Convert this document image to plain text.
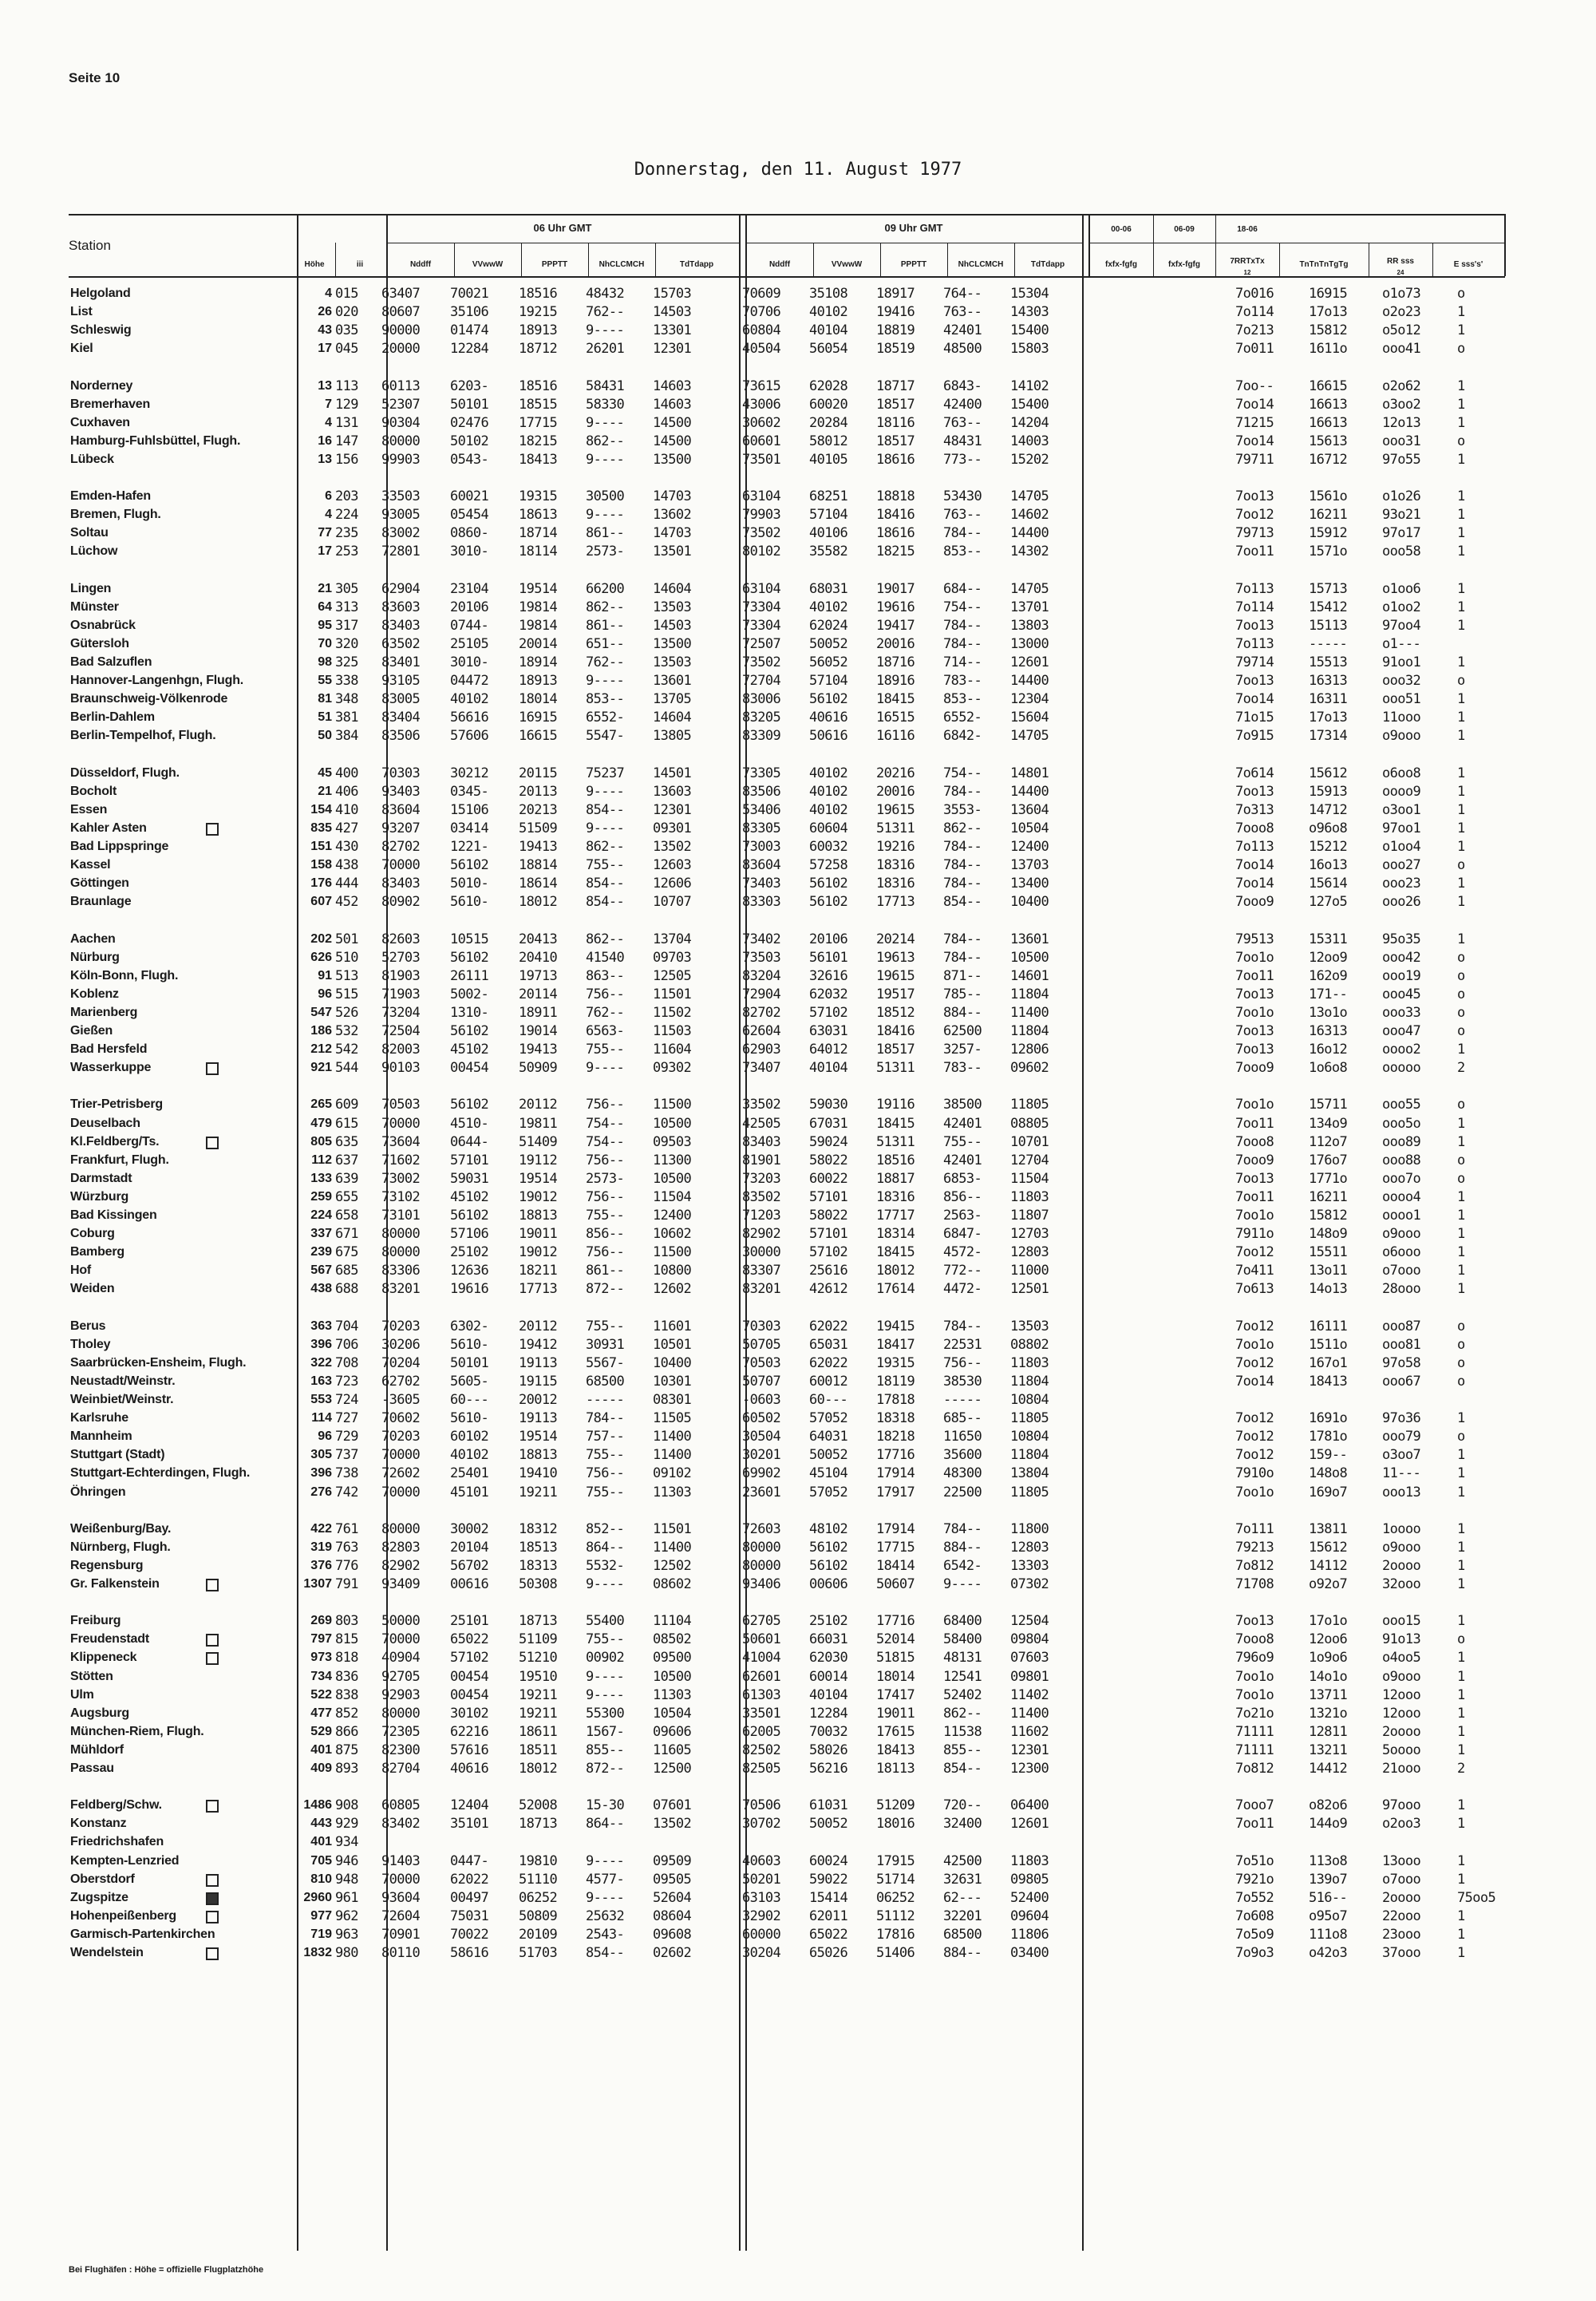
Seite 10
Donnerstag, den 11. August 1977
Station
Höhe	iii
06 Uhr GMT
Nddff	VVwwW	PPPTT	NhCLCMCH	TdTdapp
09 Uhr GMT
Nddff	VVwwW	PPPTT	NhCLCMCH	TdTdapp
00-06	06-09	18-06
fxfx-fgfg	fxfx-fgfg	7RRTxTx
12
TnTnTnTgTg	RR sss
24
E sss's'
Helgoland	4 015 63407 70021 18516 48432 15703	70609 35108 18917 764-- 15304	7o016	16915	o1o73	o
List	26 020 80607 35106 19215 762-- 14503	70706 40102 19416 763-- 14303	7o114	17o13	o2o23	1
Schleswig	43 035 90000 01474 18913 9---- 13301	60804 40104 18819 42401 15400	7o213	15812	o5o12	1
Kiel	17 045 20000 12284 18712 26201 12301	40504 56054 18519 48500 15803	7o011	1611o	ooo41	o
Norderney	13 113 60113 6203- 18516 58431 14603	73615 62028 18717 6843- 14102	7oo--	16615	o2o62	1
Bremerhaven	7 129 52307 50101 18515 58330 14603	43006 60020 18517 42400 15400	7oo14	16613	o3oo2	1
Cuxhaven	4 131 90304 02476 17715 9---- 14500	30602 20284 18116 763-- 14204	71215	16613	12o13	1
Hamburg-Fuhlsbüttel, Flugh.	16 147 80000 50102 18215 862-- 14500	60601 58012 18517 48431 14003	7oo14	15613	ooo31	o
Lübeck	13 156 99903 0543- 18413 9---- 13500	73501 40105 18616 773-- 15202	79711	16712	97o55	1
Emden-Hafen	6 203 33503 60021 19315 30500 14703	63104 68251 18818 53430 14705	7oo13	1561o	o1o26	1
Bremen, Flugh.	4 224 93005 05454 18613 9---- 13602	79903 57104 18416 763-- 14602	7oo12	16211	93o21	1
Soltau	77 235 83002 0860- 18714 861-- 14703	73502 40106 18616 784-- 14400	79713	15912	97o17	1
Lüchow	17 253 72801 3010- 18114 2573- 13501	80102 35582 18215 853-- 14302	7oo11	1571o	ooo58	1
Lingen	21 305 62904 23104 19514 66200 14604	63104 68031 19017 684-- 14705	7o113	15713	o1oo6	1
Münster	64 313 83603 20106 19814 862-- 13503	73304 40102 19616 754-- 13701	7o114	15412	o1oo2	1
Osnabrück	95 317 83403 0744- 19814 861-- 14503	73304 62024 19417 784-- 13803	7oo13	15113	97oo4	1
Gütersloh	70 320 63502 25105 20014 651-- 13500	72507 50052 20016 784-- 13000	7o113	-----	o1---
Bad Salzuflen	98 325 83401 3010- 18914 762-- 13503	73502 56052 18716 714-- 12601	79714	15513	91oo1	1
Hannover-Langenhgn, Flugh.	55 338 93105 04472 18913 9---- 13601	72704 57104 18916 783-- 14400	7oo13	16313	ooo32	o
Braunschweig-Völkenrode	81 348 83005 40102 18014 853-- 13705	83006 56102 18415 853-- 12304	7oo14	16311	ooo51	1
Berlin-Dahlem	51 381 83404 56616 16915 6552- 14604	83205 40616 16515 6552- 15604	71o15	17o13	11ooo	1
Berlin-Tempelhof, Flugh.	50 384 83506 57606 16615 5547- 13805	83309 50616 16116 6842- 14705	7o915	17314	o9ooo	1
Düsseldorf, Flugh.	45 400 70303 30212 20115 75237 14501	73305 40102 20216 754-- 14801	7o614	15612	o6oo8	1
Bocholt	21 406 93403 0345- 20113 9---- 13603	83506 40102 20016 784-- 14400	7oo13	15913	oooo9	1
Essen	154 410 83604 15106 20213 854-- 12301	53406 40102 19615 3553- 13604	7o313	14712	o3oo1	1
Kahler Asten	835 427 93207 03414 51509 9---- 09301	83305 60604 51311 862-- 10504	7ooo8	o96o8	97oo1	1
Bad Lippspringe	151 430 82702 1221- 19413 862-- 13502	73003 60032 19216 784-- 12400	7o113	15212	o1oo4	1
Kassel	158 438 70000 56102 18814 755-- 12603	83604 57258 18316 784-- 13703	7oo14	16o13	ooo27	o
Göttingen	176 444 83403 5010- 18614 854-- 12606	73403 56102 18316 784-- 13400	7oo14	15614	ooo23	1
Braunlage	607 452 80902 5610- 18012 854-- 10707	83303 56102 17713 854-- 10400	7ooo9	127o5	ooo26	1
Aachen	202 501 82603 10515 20413 862-- 13704	73402 20106 20214 784-- 13601	79513	15311	95o35	1
Nürburg	626 510 52703 56102 20410 41540 09703	73503 56101 19613 784-- 10500	7oo1o	12oo9	ooo42	o
Köln-Bonn, Flugh.	91 513 81903 26111 19713 863-- 12505	83204 32616 19615 871-- 14601	7oo11	162o9	ooo19	o
Koblenz	96 515 71903 5002- 20114 756-- 11501	72904 62032 19517 785-- 11804	7oo13	171--	ooo45	o
Marienberg	547 526 73204 1310- 18911 762-- 11502	82702 57102 18512 884-- 11400	7oo1o	13o1o	ooo33	o
Gießen	186 532 72504 56102 19014 6563- 11503	62604 63031 18416 62500 11804	7oo13	16313	ooo47	o
Bad Hersfeld	212 542 82003 45102 19413 755-- 11604	62903 64012 18517 3257- 12806	7oo13	16o12	oooo2	1
Wasserkuppe	921 544 90103 00454 50909 9---- 09302	73407 40104 51311 783-- 09602	7ooo9	1o6o8	ooooo	2
Trier-Petrisberg	265 609 70503 56102 20112 756-- 11500	33502 59030 19116 38500 11805	7oo1o	15711	ooo55	o
Deuselbach	479 615 70000 4510- 19811 754-- 10500	42505 67031 18415 42401 08805	7oo11	134o9	ooo5o	1
Kl.Feldberg/Ts.	805 635 73604 0644- 51409 754-- 09503	83403 59024 51311 755-- 10701	7ooo8	112o7	ooo89	1
Frankfurt, Flugh.	112 637 71602 57101 19112 756-- 11300	81901 58022 18516 42401 12704	7ooo9	176o7	ooo88	o
Darmstadt	133 639 73002 59031 19514 2573- 10500	73203 60022 18817 6853- 11504	7oo13	1771o	ooo7o	o
Würzburg	259 655 73102 45102 19012 756-- 11504	83502 57101 18316 856-- 11803	7oo11	16211	oooo4	1
Bad Kissingen	224 658 73101 56102 18813 755-- 12400	71203 58022 17717 2563- 11807	7oo1o	15812	oooo1	1
Coburg	337 671 80000 57106 19011 856-- 10602	82902 57101 18314 6847- 12703	7911o	148o9	o9ooo	1
Bamberg	239 675 80000 25102 19012 756-- 11500	30000 57102 18415 4572- 12803	7oo12	15511	o6ooo	1
Hof	567 685 83306 12636 18211 861-- 10800	83307 25616 18012 772-- 11000	7o411	13o11	o7ooo	1
Weiden	438 688 83201 19616 17713 872-- 12602	83201 42612 17614 4472- 12501	7o613	14o13	28ooo	1
Berus	363 704 70203 6302- 20112 755-- 11601	70303 62022 19415 784-- 13503	7oo12	16111	ooo87	o
Tholey	396 706 30206 5610- 19412 30931 10501	50705 65031 18417 22531 08802	7oo1o	1511o	ooo81	o
Saarbrücken-Ensheim, Flugh.	322 708 70204 50101 19113 5567- 10400	70503 62022 19315 756-- 11803	7oo12	167o1	97o58	o
Neustadt/Weinstr.	163 723 62702 5605- 19115 68500 10301	50707 60012 18119 38530 11804	7oo14	18413	ooo67	o
Weinbiet/Weinstr.	553 724 -3605 60--- 20012 ----- 08301	-0603 60--- 17818 ----- 10804
Karlsruhe	114 727 70602 5610- 19113 784-- 11505	60502 57052 18318 685-- 11805	7oo12	1691o	97o36	1
Mannheim	96 729 70203 60102 19514 757-- 11400	30504 64031 18218 11650 10804	7oo12	1781o	ooo79	o
Stuttgart (Stadt)	305 737 70000 40102 18813 755-- 11400	30201 50052 17716 35600 11804	7oo12	159--	o3oo7	1
Stuttgart-Echterdingen, Flugh.	396 738 72602 25401 19410 756-- 09102	69902 45104 17914 48300 13804	7910o	148o8	11---	1
Öhringen	276 742 70000 45101 19211 755-- 11303	23601 57052 17917 22500 11805	7oo1o	169o7	ooo13	1
Weißenburg/Bay.	422 761 80000 30002 18312 852-- 11501	72603 48102 17914 784-- 11800	7o111	13811	1oooo	1
Nürnberg, Flugh.	319 763 82803 20104 18513 864-- 11400	80000 56102 17715 884-- 12803	79213	15612	o9ooo	1
Regensburg	376 776 82902 56702 18313 5532- 12502	80000 56102 18414 6542- 13303	7o812	14112	2oooo	1
Gr. Falkenstein	1307 791 93409 00616 50308 9---- 08602	93406 00606 50607 9---- 07302	71708	o92o7	32ooo	1
Freiburg	269 803 50000 25101 18713 55400 11104	62705 25102 17716 68400 12504	7oo13	17o1o	ooo15	1
Freudenstadt	797 815 70000 65022 51109 755-- 08502	50601 66031 52014 58400 09804	7ooo8	12oo6	91o13	o
Klippeneck	973 818 40904 57102 51210 00902 09500	41004 62030 51815 48131 07603	796o9	1o9o6	o4oo5	1
Stötten	734 836 92705 00454 19510 9---- 10500	62601 60014 18014 12541 09801	7oo1o	14o1o	o9ooo	1
Ulm	522 838 92903 00454 19211 9---- 11303	61303 40104 17417 52402 11402	7oo1o	13711	12ooo	1
Augsburg	477 852 80000 30102 19211 55300 10504	33501 12284 19011 862-- 11400	7o21o	1321o	12ooo	1
München-Riem, Flugh.	529 866 72305 62216 18611 1567- 09606	62005 70032 17615 11538 11602	71111	12811	2oooo	1
Mühldorf	401 875 82300 57616 18511 855-- 11605	82502 58026 18413 855-- 12301	71111	13211	5oooo	1
Passau	409 893 82704 40616 18012 872-- 12500	82505 56216 18113 854-- 12300	7o812	14412	21ooo	2
Feldberg/Schw.	1486 908 60805 12404 52008 15-30 07601	70506 61031 51209 720-- 06400	7ooo7	o82o6	97ooo	1
Konstanz	443 929 83402 35101 18713 864-- 13502	30702 50052 18016 32400 12601	7oo11	144o9	o2oo3	1
Friedrichshafen	401 934
Kempten-Lenzried	705 946 91403 0447- 19810 9---- 09509	40603 60024 17915 42500 11803	7o51o	113o8	13ooo	1
Oberstdorf	810 948 70000 62022 51110 4577- 09505	50201 59022 51714 32631 09805	7921o	139o7	o7ooo	1
Zugspitze	2960 961 93604 00497 06252 9---- 52604	63103 15414 06252 62--- 52400	7o552	516--	2oooo	75oo5
Hohenpeißenberg	977 962 72604 75031 50809 25632 08604	32902 62011 51112 32201 09604	7o608	o95o7	22ooo	1
Garmisch-Partenkirchen	719 963 70901 70022 20109 2543- 09608	60000 65022 17816 68500 11806	7o5o9	111o8	23ooo	1
Wendelstein	1832 980 80110 58616 51703 854-- 02602	30204 65026 51406 884-- 03400	7o9o3	o42o3	37ooo	1
Bei Flughäfen : Höhe = offizielle Flugplatzhöhe
